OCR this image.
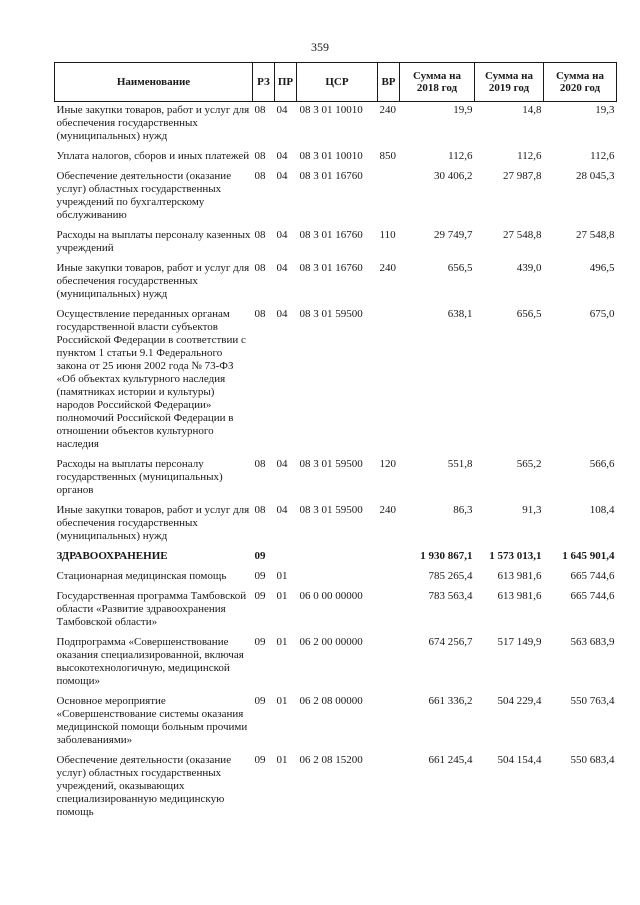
359
Наименование	РЗ	ПР	ЦСР	ВР	Сумма на 2018 год	Сумма на 2019 год	Сумма на 2020 год
Иные закупки товаров, работ и услуг для обеспечения государственных (муниципальных) нужд	08	04	08 3 01 10010	240	19,9	14,8	19,3
Уплата налогов, сборов и иных платежей	08	04	08 3 01 10010	850	112,6	112,6	112,6
Обеспечение деятельности (оказание услуг) областных государственных учреждений по бухгалтерскому обслуживанию	08	04	08 3 01 16760		30 406,2	27 987,8	28 045,3
Расходы на выплаты персоналу казенных учреждений	08	04	08 3 01 16760	110	29 749,7	27 548,8	27 548,8
Иные закупки товаров, работ и услуг для обеспечения государственных (муниципальных) нужд	08	04	08 3 01 16760	240	656,5	439,0	496,5
Осуществление переданных органам государственной власти субъектов Российской Федерации в соответствии с пунктом 1 статьи 9.1 Федерального закона от 25 июня 2002 года № 73-ФЗ «Об объектах культурного наследия (памятниках истории и культуры) народов Российской Федерации» полномочий Российской Федерации в отношении объектов культурного наследия	08	04	08 3 01 59500		638,1	656,5	675,0
Расходы на выплаты персоналу государственных (муниципальных) органов	08	04	08 3 01 59500	120	551,8	565,2	566,6
Иные закупки товаров, работ и услуг для обеспечения государственных (муниципальных) нужд	08	04	08 3 01 59500	240	86,3	91,3	108,4
ЗДРАВООХРАНЕНИЕ	09				1 930 867,1	1 573 013,1	1 645 901,4
Стационарная медицинская помощь	09	01			785 265,4	613 981,6	665 744,6
Государственная программа Тамбовской области «Развитие здравоохранения Тамбовской области»	09	01	06 0 00 00000		783 563,4	613 981,6	665 744,6
Подпрограмма «Совершенствование оказания специализированной, включая высокотехнологичную, медицинской помощи»	09	01	06 2 00 00000		674 256,7	517 149,9	563 683,9
Основное мероприятие «Совершенствование системы оказания медицинской помощи больным прочими заболеваниями»	09	01	06 2 08 00000		661 336,2	504 229,4	550 763,4
Обеспечение деятельности (оказание услуг) областных государственных учреждений, оказывающих специализированную медицинскую помощь	09	01	06 2 08 15200		661 245,4	504 154,4	550 683,4
